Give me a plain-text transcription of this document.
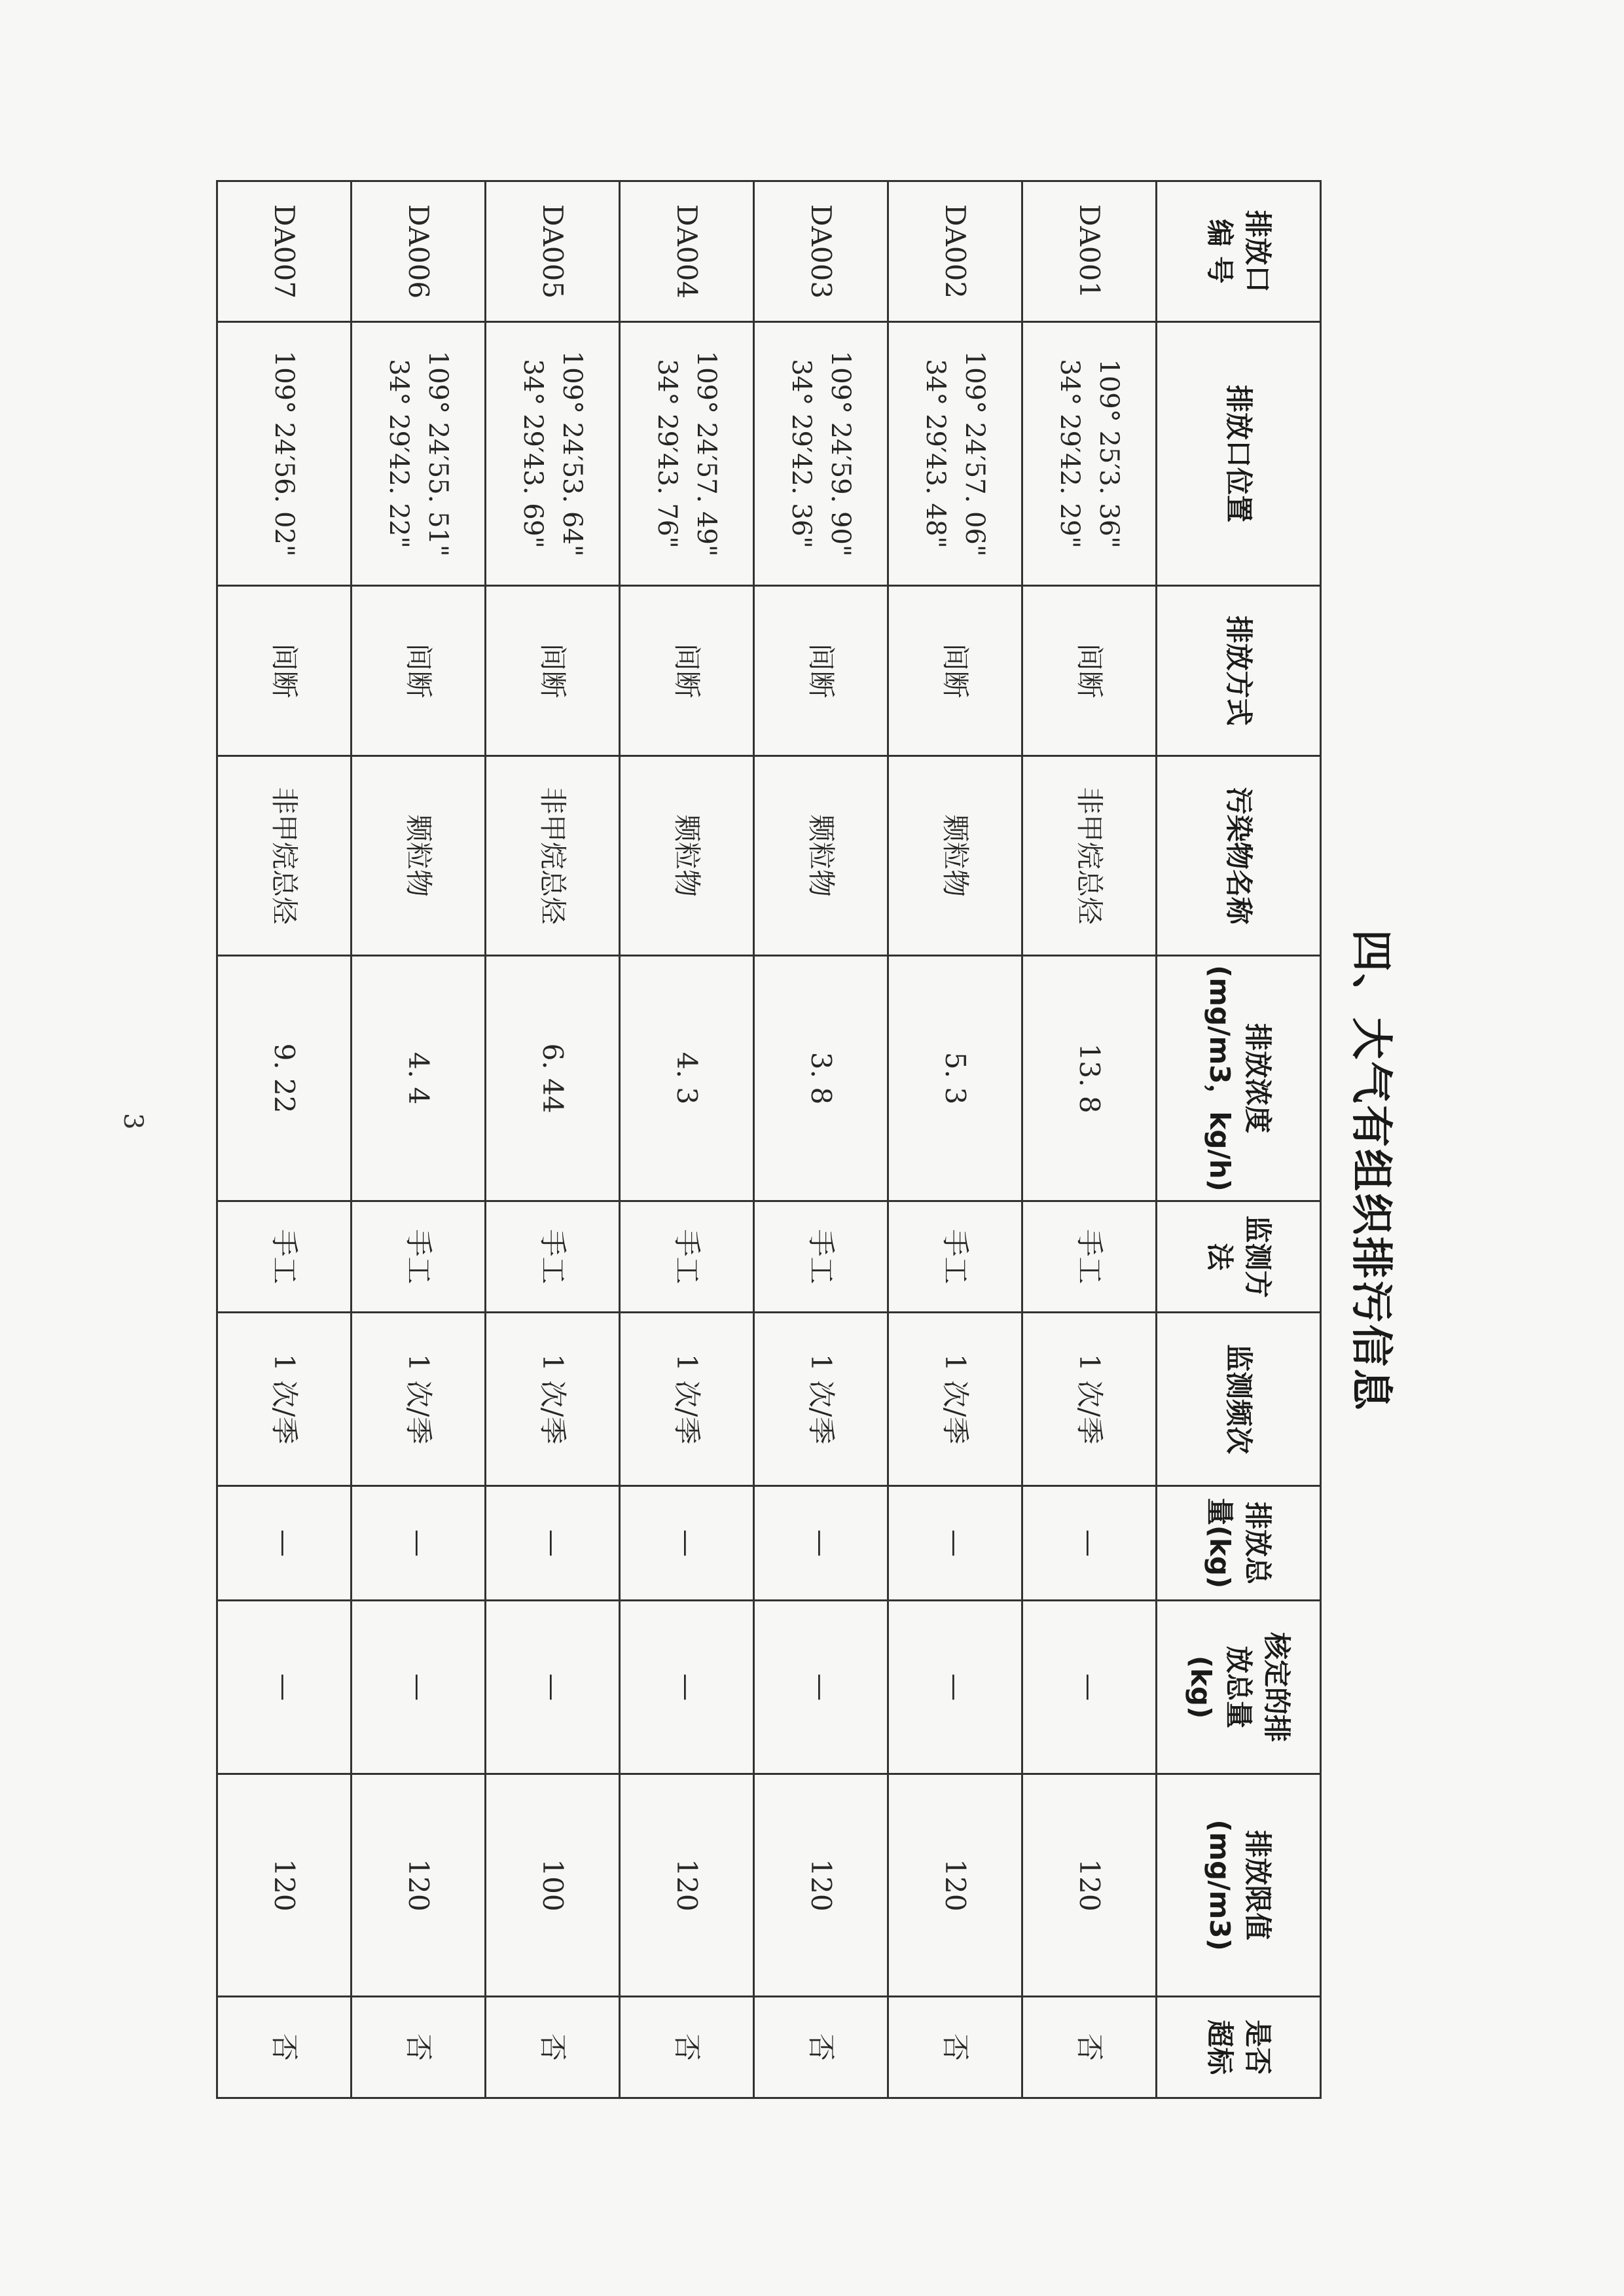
四、大气有组织排污信息
排放口
编 号	排放口位置	排放方式	污染物名称	排放浓度
(mg/m3，kg/h)	监测方
法	监测频次	排放总
量(kg)	核定的排
放总量
(kg)	排放限值
(mg/m3)	是否
超标

DA001	109° 25′3. 36"
34° 29′42. 29"	间断	非甲烷总烃	13. 8	手工	1 次/季	—	—	120	否
DA002	109° 24′57. 06"
34° 29′43. 48"	间断	颗粒物	5. 3	手工	1 次/季	—	—	120	否
DA003	109° 24′59. 90"
34° 29′42. 36"	间断	颗粒物	3. 8	手工	1 次/季	—	—	120	否
DA004	109° 24′57. 49"
34° 29′43. 76"	间断	颗粒物	4. 3	手工	1 次/季	—	—	120	否
DA005	109° 24′53. 64"
34° 29′43. 69"	间断	非甲烷总烃	6. 44	手工	1 次/季	—	—	100	否
DA006	109° 24′55. 51"
34° 29′42. 22"	间断	颗粒物	4. 4	手工	1 次/季	—	—	120	否
DA007	109° 24′56. 02"	间断	非甲烷总烃	9. 22	手工	1 次/季	—	—	120	否
3
